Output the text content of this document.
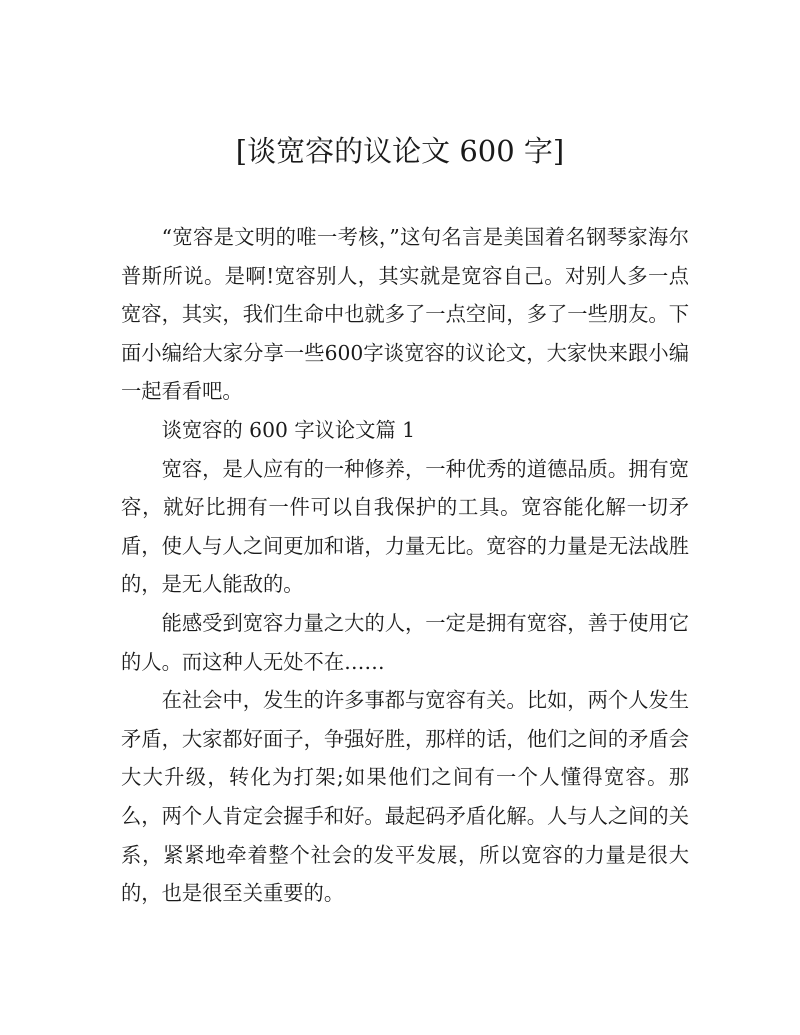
[谈宽容的议论文 600 字]

“宽容是文明的唯一考核，”这句名言是美国着名钢琴家海尔普斯所说。是啊!宽容别人，其实就是宽容自己。对别人多一点宽容，其实，我们生命中也就多了一点空间，多了一些朋友。下面小编给大家分享一些600字谈宽容的议论文，大家快来跟小编一起看看吧。

谈宽容的 600 字议论文篇 1

宽容，是人应有的一种修养，一种优秀的道德品质。拥有宽容，就好比拥有一件可以自我保护的工具。宽容能化解一切矛盾，使人与人之间更加和谐，力量无比。宽容的力量是无法战胜的，是无人能敌的。

能感受到宽容力量之大的人，一定是拥有宽容，善于使用它的人。而这种人无处不在……

在社会中，发生的许多事都与宽容有关。比如，两个人发生矛盾，大家都好面子，争强好胜，那样的话，他们之间的矛盾会大大升级，转化为打架;如果他们之间有一个人懂得宽容。那么，两个人肯定会握手和好。最起码矛盾化解。人与人之间的关系，紧紧地牵着整个社会的发平发展，所以宽容的力量是很大的，也是很至关重要的。
